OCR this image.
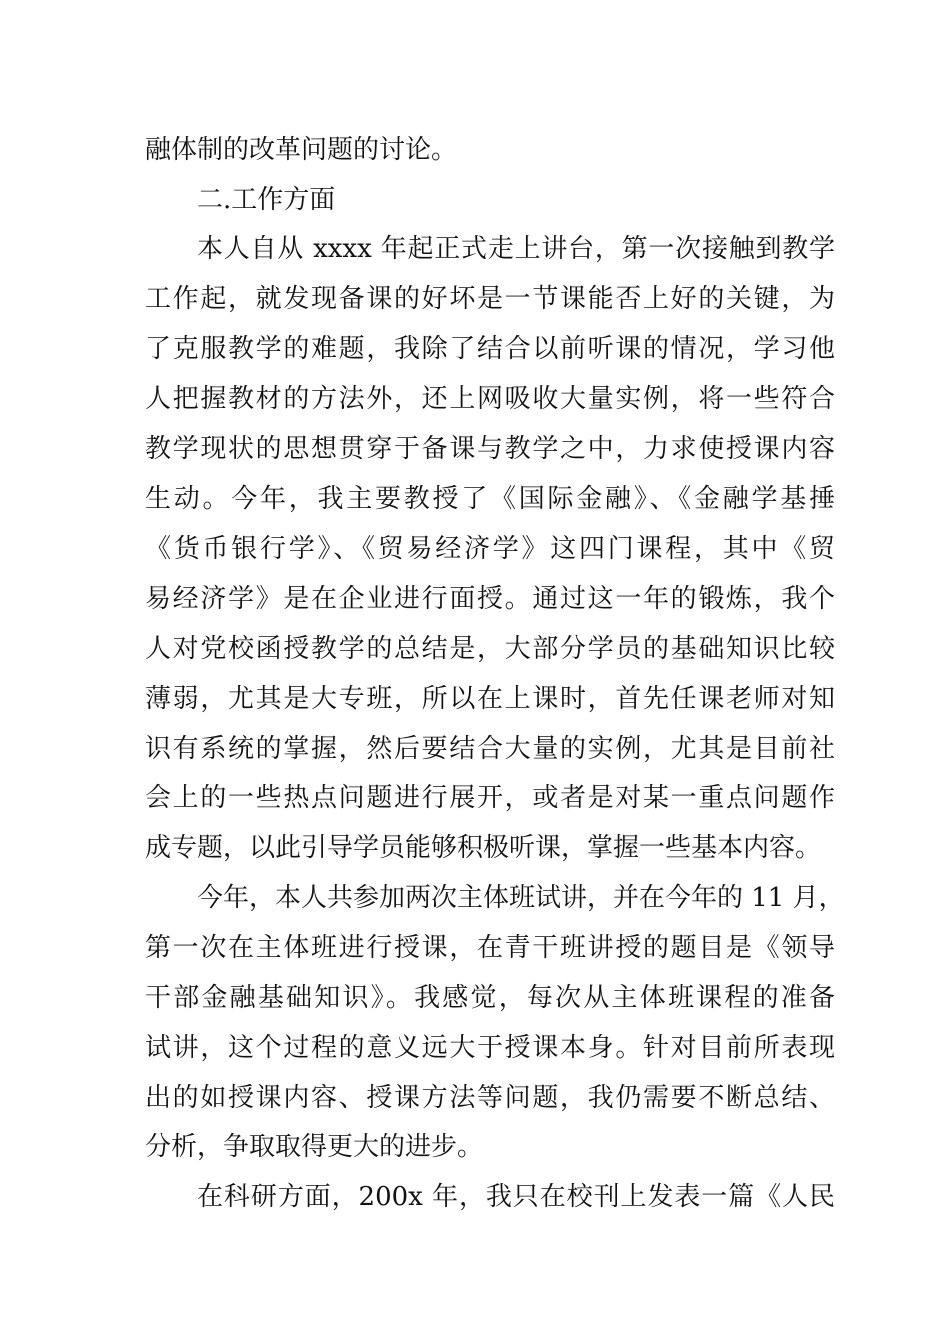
融体制的改革问题的讨论。
二.工作方面
本人自从 xxxx 年起正式走上讲台，第一次接触到教学
工作起，就发现备课的好坏是一节课能否上好的关键，为
了克服教学的难题，我除了结合以前听课的情况，学习他
人把握教材的方法外，还上网吸收大量实例，将一些符合
教学现状的思想贯穿于备课与教学之中，力求使授课内容
生动。今年，我主要教授了《国际金融》、《金融学基捶
《货币银行学》、《贸易经济学》这四门课程，其中《贸
易经济学》是在企业进行面授。通过这一年的锻炼，我个
人对党校函授教学的总结是，大部分学员的基础知识比较
薄弱，尤其是大专班，所以在上课时，首先任课老师对知
识有系统的掌握，然后要结合大量的实例，尤其是目前社
会上的一些热点问题进行展开，或者是对某一重点问题作
成专题，以此引导学员能够积极听课，掌握一些基本内容。
今年，本人共参加两次主体班试讲，并在今年的 11 月，
第一次在主体班进行授课，在青干班讲授的题目是《领导
干部金融基础知识》。我感觉，每次从主体班课程的准备
试讲，这个过程的意义远大于授课本身。针对目前所表现
出的如授课内容、授课方法等问题，我仍需要不断总结、
分析，争取取得更大的进步。
在科研方面，200x 年，我只在校刊上发表一篇《人民
